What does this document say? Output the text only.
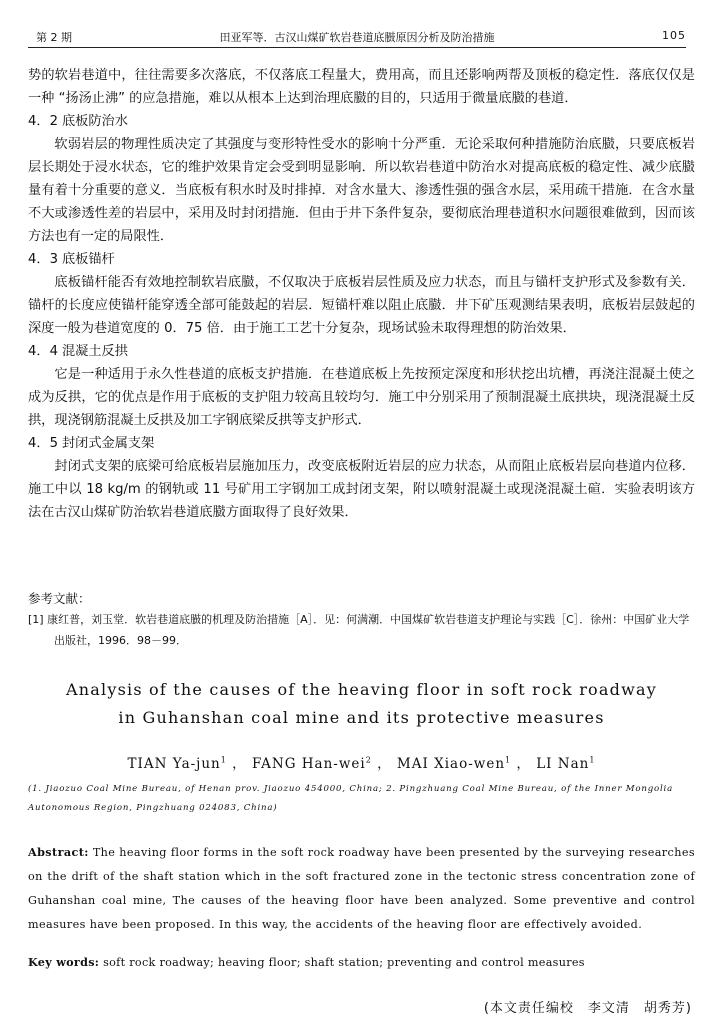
第 2 期	田亚军等．古汉山煤矿软岩巷道底臌原因分析及防治措施	105

势的软岩巷道中，往往需要多次落底，不仅落底工程量大，费用高，而且还影响两帮及顶板的稳定性．落底仅仅是一种 “扬汤止沸” 的应急措施，难以从根本上达到治理底臌的目的，只适用于微量底臌的巷道．

4．2 底板防治水

软弱岩层的物理性质决定了其强度与变形特性受水的影响十分严重．无论采取何种措施防治底臌，只要底板岩层长期处于浸水状态，它的维护效果肯定会受到明显影响．所以软岩巷道中防治水对提高底板的稳定性、减少底臌量有着十分重要的意义．当底板有积水时及时排掉．对含水量大、渗透性强的强含水层，采用疏干措施．在含水量不大或渗透性差的岩层中，采用及时封闭措施．但由于井下条件复杂，要彻底治理巷道积水问题很难做到，因而该方法也有一定的局限性．

4．3 底板锚杆

底板锚杆能否有效地控制软岩底臌，不仅取决于底板岩层性质及应力状态，而且与锚杆支护形式及参数有关．锚杆的长度应使锚杆能穿透全部可能鼓起的岩层．短锚杆难以阻止底臌．井下矿压观测结果表明，底板岩层鼓起的深度一般为巷道宽度的 0．75 倍．由于施工工艺十分复杂，现场试验未取得理想的防治效果．

4．4 混凝土反拱

它是一种适用于永久性巷道的底板支护措施．在巷道底板上先按预定深度和形状挖出坑槽，再浇注混凝土使之成为反拱，它的优点是作用于底板的支护阻力较高且较均匀．施工中分别采用了预制混凝土底拱块，现浇混凝土反拱，现浇钢筋混凝土反拱及加工字钢底梁反拱等支护形式．

4．5 封闭式金属支架

封闭式支架的底梁可给底板岩层施加压力，改变底板附近岩层的应力状态，从而阻止底板岩层向巷道内位移．施工中以 18 kg/m 的钢轨或 11 号矿用工字钢加工成封闭支架，附以喷射混凝土或现浇混凝土碹．实验表明该方法在古汉山煤矿防治软岩巷道底臌方面取得了良好效果．

参考文献：
[1] 康红普，刘玉堂．软岩巷道底臌的机理及防治措施［A］．见：何满潮．中国煤矿软岩巷道支护理论与实践［C］．徐州：中国矿业大学出版社，1996．98－99．
Analysis of the causes of the heaving floor in soft rock roadway
in Guhanshan coal mine and its protective measures
TIAN Ya-jun$^1$ ， FANG Han-wei$^2$ ， MAI Xiao-wen$^1$ ， LI Nan$^1$
(1. Jiaozuo Coal Mine Bureau, of Henan prov. Jiaozuo 454000, China; 2. Pingzhuang Coal Mine Bureau, of the Inner Mongolia Autonomous Region, Pingzhuang 024083, China)
Abstract: The heaving floor forms in the soft rock roadway have been presented by the surveying researches on the drift of the shaft station which in the soft fractured zone in the tectonic stress concentration zone of Guhanshan coal mine, The causes of the heaving floor have been analyzed. Some preventive and control measures have been proposed. In this way, the accidents of the heaving floor are effectively avoided.
Key words: soft rock roadway; heaving floor; shaft station; preventing and control measures
(本文责任编校　李文清　胡秀芳)
